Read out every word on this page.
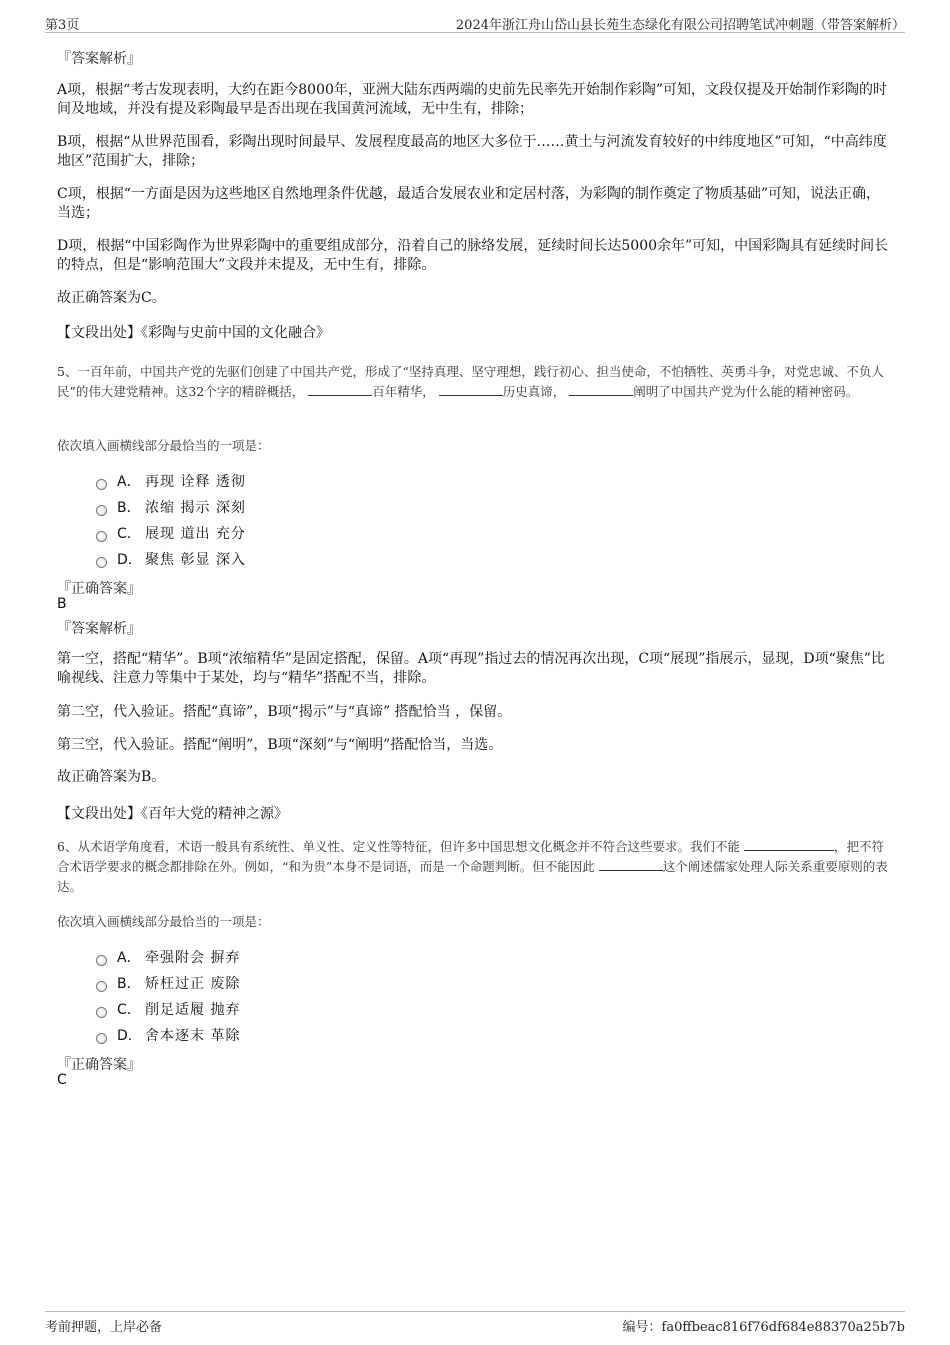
第3页	2024年浙江舟山岱山县长苑生态绿化有限公司招聘笔试冲刺题（带答案解析）
『答案解析』
A项，根据“考古发现表明，大约在距今8000年，亚洲大陆东西两端的史前先民率先开始制作彩陶”可知，文段仅提及开始制作彩陶的时间及地域，并没有提及彩陶最早是否出现在我国黄河流域，无中生有，排除；
B项，根据“从世界范围看，彩陶出现时间最早、发展程度最高的地区大多位于……黄土与河流发育较好的中纬度地区”可知，“中高纬度地区”范围扩大，排除；
C项，根据“一方面是因为这些地区自然地理条件优越，最适合发展农业和定居村落，为彩陶的制作奠定了物质基础”可知，说法正确，当选；
D项，根据“中国彩陶作为世界彩陶中的重要组成部分，沿着自己的脉络发展，延续时间长达5000余年”可知，中国彩陶具有延续时间长的特点，但是“影响范围大”文段并未提及，无中生有，排除。
故正确答案为C。
【文段出处】《彩陶与史前中国的文化融合》
5、一百年前，中国共产党的先驱们创建了中国共产党，形成了“坚持真理、坚守理想，践行初心、担当使命，不怕牺牲、英勇斗争，对党忠诚、不负人民”的伟大建党精神。这32个字的精辟概括，	百年精华，	历史真谛，	阐明了中国共产党为什么能的精神密码。
依次填入画横线部分最恰当的一项是：
A． 再现 诠释 透彻
B． 浓缩 揭示 深刻
C． 展现 道出 充分
D． 聚焦 彰显 深入
『正确答案』
B
『答案解析』
第一空，搭配“精华”。B项“浓缩精华”是固定搭配，保留。A项“再现”指过去的情况再次出现，C项“展现”指展示，显现，D项“聚焦”比喻视线、注意力等集中于某处，均与“精华”搭配不当，排除。
第二空，代入验证。搭配“真谛”，B项“揭示”与“真谛” 搭配恰当 ，保留。
第三空，代入验证。搭配“阐明”，B项“深刻”与“阐明”搭配恰当，当选。
故正确答案为B。
【文段出处】《百年大党的精神之源》
6、从术语学角度看，术语一般具有系统性、单义性、定义性等特征，但许多中国思想文化概念并不符合这些要求。我们不能	，把不符合术语学要求的概念都排除在外。例如，“和为贵”本身不是词语，而是一个命题判断。但不能因此	这个阐述儒家处理人际关系重要原则的表达。
依次填入画横线部分最恰当的一项是：
A． 牵强附会 摒弃
B． 矫枉过正 废除
C． 削足适履 抛弃
D． 舍本逐末 革除
『正确答案』
C
考前押题，上岸必备	编号：fa0ffbeac816f76df684e88370a25b7b
